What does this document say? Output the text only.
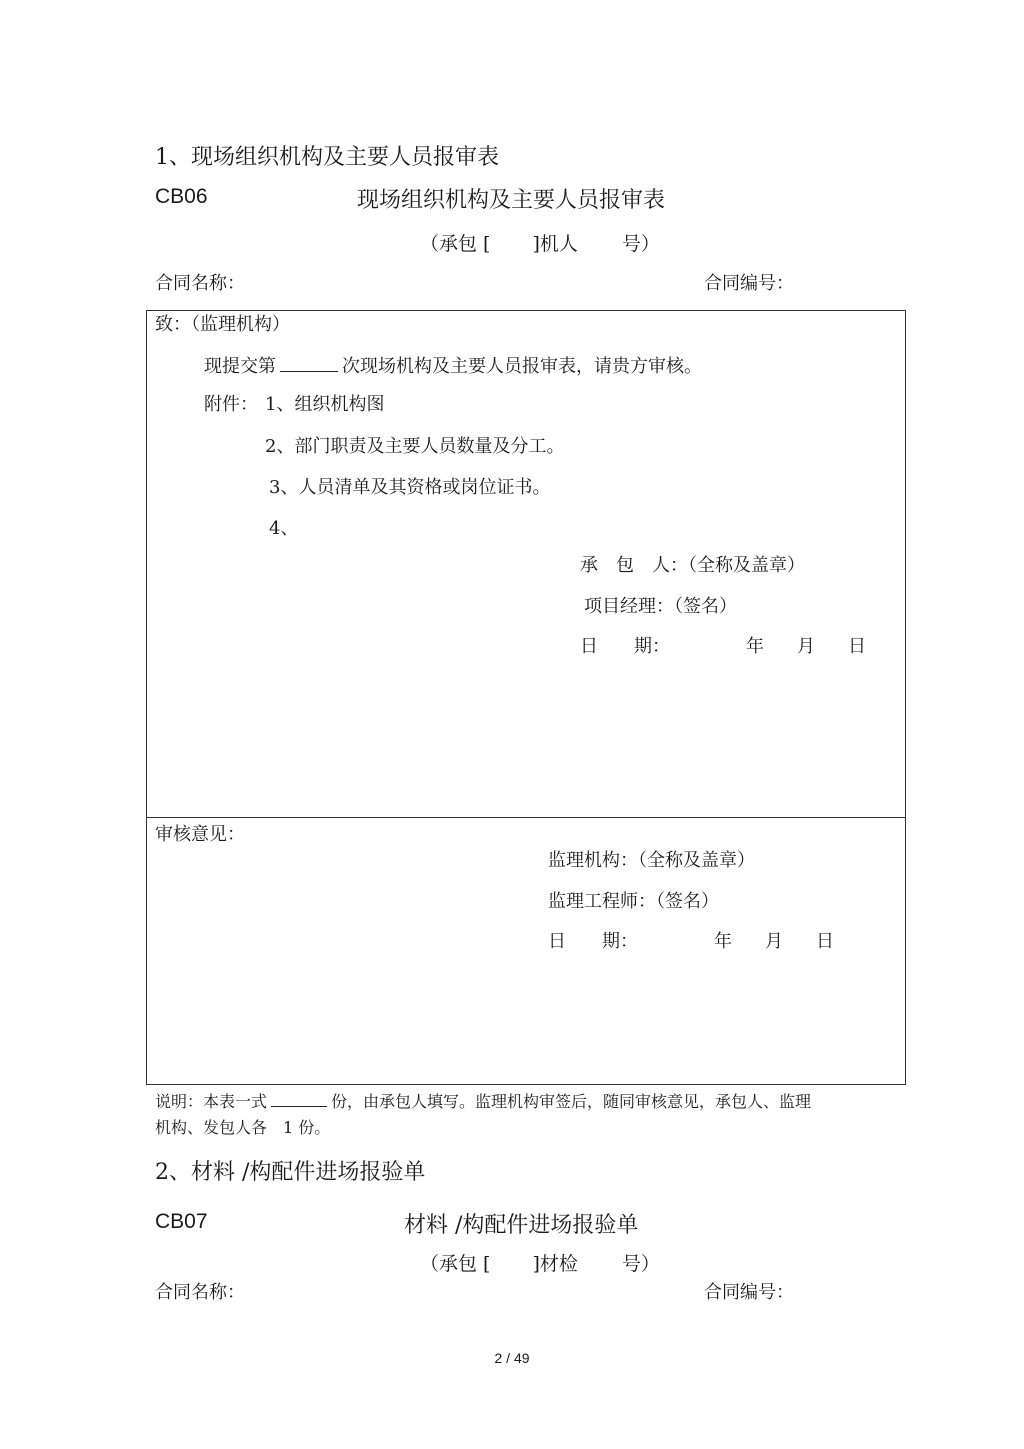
1、现场组织机构及主要人员报审表
CB06	现场组织机构及主要人员报审表
（承包 [ ]机人 号）
合同名称：	合同编号：
致：（监理机构）
现提交第	次现场机构及主要人员报审表，请贵方审核。
附件： 1、组织机构图
2、部门职责及主要人员数量及分工。
3、人员清单及其资格或岗位证书。
4、
承　包　人：（全称及盖章）
项目经理：（签名）
日　　期：	年 月 日
审核意见：
监理机构：（全称及盖章）
监理工程师：（签名）
日　　期：	年 月 日
说明：本表一式	份，由承包人填写。监理机构审签后，随同审核意见，承包人、监理
机构、发包人各　1 份。
2、材料 /构配件进场报验单
CB07	材料 /构配件进场报验单
（承包 [ ]材检 号）
合同名称：	合同编号：
2 / 49
